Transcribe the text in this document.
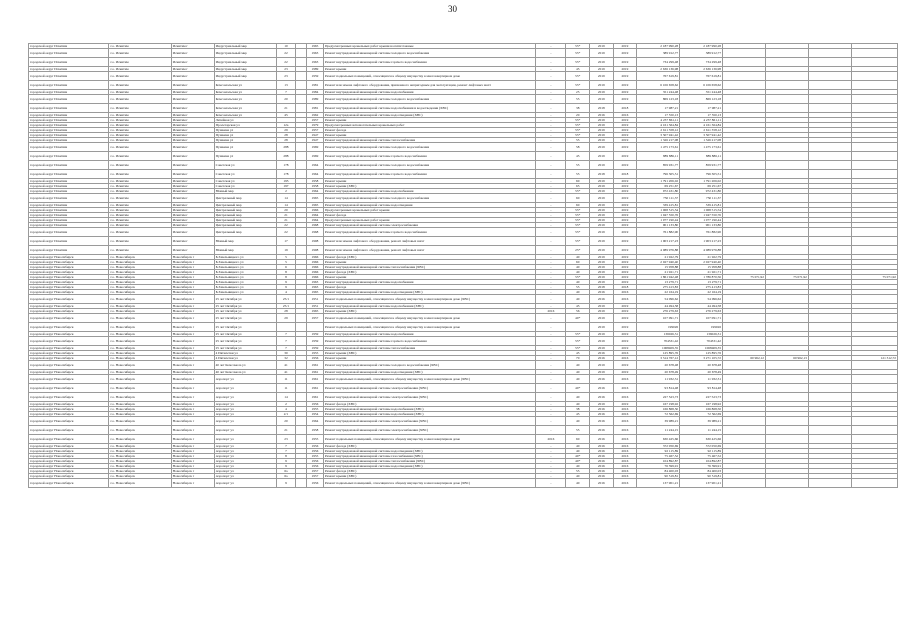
30
городской округ Искитим	г.о. Искитим	Искитим г	Индустриальный мкр	10		1965	Предусмотренных кровельных работ крыши на пятиэтажные	-	55*	2019	2019	2 187 990,28	2 187 990,28				
городской округ Искитим	г.о. Искитим	Искитим г	Индустриальный мкр	22		1963	Ремонт внутридомовой инженерной системы холодного водоснабжения	-	55*	2019	2019	389 912,77	389 912,77				
городской округ Искитим	г.о. Искитим	Искитим г	Индустриальный мкр	22		1963	Ремонт внутридомовой инженерной системы горячего водоснабжения	-	55*	2019	2019	734 299,48	734 299,48				
городской округ Искитим	г.о. Искитим	Искитим г	Индустриальный мкр	23		1989	Ремонт крыши	-	45	2019	2019	2 636 136,98	2 636 136,98				
городской округ Искитим	г.о. Искитим	Искитим г	Индустриальный мкр	23		1959	Ремонт подвальных помещений, относящихся к общему имуществу в многоквартирном доме	-	55*	2019	2019	767 619,81	767 619,81				
городской округ Искитим	г.о. Искитим	Искитим г	Комсомольская ул	13		1981	Ремонт или замена лифтового оборудования, признанного непригодным для эксплуатации, ремонт лифтовых шахт	-	55*	2019	2019	6 106 658,62	6 106 658,62				
городской округ Искитим	г.о. Искитим	Искитим г	Комсомольская ул	7		1984	Ремонт внутридомовой инженерной системы водоснабжения	-	25	2019	2019	351 244,48	351 244,48				
городской округ Искитим	г.о. Искитим	Искитим г	Комсомольская ул	20		1989	Ремонт внутридомовой инженерной системы холодного водоснабжения	-	55	2019	2019	869 123,18	869 123,18				
городской округ Искитим	г.о. Искитим	Искитим г	Комсомольская ул	21		1981	Ремонт внутридомовой инженерной системы водоснабжения и водоотведения (ХВС)	-	38	2018	2018	17 987,21	17 987,21				
городской округ Искитим	г.о. Искитим	Искитим г	Комсомольская ул	45		1962	Ремонт внутридомовой инженерной системы водоотведения (ХВС)	-	20	2016	2016	17 550,13	17 550,13				
городской округ Искитим	г.о. Искитим	Искитим г	Литейная ул			1957	Ремонт крыши	-	55*	2019	2019	4 237 861,11	4 237 861,11				
городской округ Искитим	г.о. Искитим	Искитим г	Пролетарская ул	12а		1979	Предусмотренных вспомогательных кровельных работ	-	55*	2019	2019	4 161 364,84	4 161 364,84				
городской округ Искитим	г.о. Искитим	Искитим г	Пушкина ул	29		1957	Ремонт фасада	-	55*	2019	2019	2 611 358,12	2 611 358,12				
городской округ Искитим	г.о. Искитим	Искитим г	Пушкина ул	28		1947	Ремонт крыши	-	55*	2019	2019	3 507 941,42	3 507 941,42				
городской округ Искитим	г.о. Искитим	Искитим г	Пушкина ул	28		1947	Ремонт внутридомовой инженерной системы теплоснабжения	-	55	2019	2019	1 326 217,08	1 326 217,08				
городской округ Искитим	г.о. Искитим	Искитим г	Пушкина ул	288		1969	Ремонт внутридомовой инженерной системы холодного водоснабжения	-	58	2019	2019	1 475 173,61	1 475 173,61				
городской округ Искитим	г.о. Искитим	Искитим г	Пушкина ул	288		1969	Ремонт внутридомовой инженерной системы горячего водоснабжения	-	45	2019	2019	889 886,11	889 886,11				
городской округ Искитим	г.о. Искитим	Искитим г	Советская ул	178		1964	Ремонт внутридомовой инженерной системы холодного водоснабжения	-	55	2019	2019	859 931,77	859 931,77				
городской округ Искитим	г.о. Искитим	Искитим г	Советская ул	178		1964	Ремонт внутридомовой инженерной системы горячего водоснабжения	-	55	2018	2018	796 305,51	796 305,51				
городской округ Искитим	г.о. Искитим	Искитим г	Советская ул	195		1958	Ремонт крыши	-	60	2019	2019	1 791 206,02	1 791 206,02				
городской округ Искитим	г.о. Искитим	Искитим г	Советская ул	197		1958	Ремонт крыши (ХВС)	-	65	2019	2019	69 251,67	69 251,67				
городской округ Искитим	г.о. Искитим	Искитим г	Южный мкр	2		1964	Ремонт внутридомовой инженерной системы водоснабжения	-	55*	2019	2019	972 431,80	972 431,80				
городской округ Искитим	г.о. Искитим	Искитим г	Центральный мкр	14		1965	Ремонт внутридомовой инженерной системы холодного водоснабжения	-	60	2019	2019	750 111,37	750 111,37				
городской округ Искитим	г.о. Искитим	Искитим г	Центральный мкр	14		1965	Ремонт внутридомовой инженерной системы водоотведения	-	60	2019	2019	339 415,81	339 415,81				
городской округ Искитим	г.о. Искитим	Искитим г	Центральный мкр	20		1966	Предусмотренных кровельных работ крыши	-	55*	2019	2019	1 068 515,54	1 068 515,54				
городской округ Искитим	г.о. Искитим	Искитим г	Центральный мкр	21		1964	Ремонт фасада	-	55*	2019	2019	1 947 550,76	1 947 550,76				
городской округ Искитим	г.о. Искитим	Искитим г	Центральный мкр	21		1964	Предусмотренных кровельных работ крыши	-	55*	2019	2019	1 077 190,44	1 077 190,44				
городской округ Искитим	г.о. Искитим	Искитим г	Центральный мкр	22		1968	Ремонт внутридомовой инженерной системы электроснабжения	-	55*	2019	2019	901 133,80	901 133,80				
городской округ Искитим	г.о. Искитим	Искитим г	Центральный мкр	22		1968	Ремонт внутридомовой инженерной системы горячего водоснабжения	-	55*	2019	2019	761 882,90	761 882,90				
городской округ Искитим	г.о. Искитим	Искитим г	Южный мкр	17		1998	Ремонт или замена лифтового оборудования, ремонт лифтовых шахт	-	55*	2019	2019	1 903 217,23	1 903 217,23				
городской округ Искитим	г.о. Искитим	Искитим г	Южный мкр	19		1998	Ремонт или замена лифтового оборудования, ремонт лифтовых шахт	-	25*	2019	2019	4 089 976,88	4 089 976,88				
городской округ Новосибирск	г.о. Новосибирск	Новосибирск г	Б.Хмельницкого ул	5		1966	Ремонт фасада (ХВС)	-	40	2019	2019	21 922,79	21 922,79				
городской округ Новосибирск	г.о. Новосибирск	Новосибирск г	Б.Хмельницкого ул	5		1966	Ремонт крыши	-	60	2019	2019	2 027 940,40	2 027 940,40				
городской округ Новосибирск	г.о. Новосибирск	Новосибирск г	Б.Хмельницкого ул	6		1966	Ремонт внутридомовой инженерной системы теплоснабжения (ХВС)	-	40	2019	2019	15 958,88	15 958,88				
городской округ Новосибирск	г.о. Новосибирск	Новосибирск г	Б.Хмельницкого ул	8		1966	Ремонт фасада (ХВС)	-	40	2019	2019	21 921,71	21 921,71				
городской округ Новосибирск	г.о. Новосибирск	Новосибирск г	Б.Хмельницкого ул	8		1966	Ремонт крыши	-	55*	2019	2019	1 861 942,48	1 786 870,56	75 071,92	75 071,92		75 071,92
городской округ Новосибирск	г.о. Новосибирск	Новосибирск г	Б.Хмельницкого ул	9		1963	Ремонт внутридомовой инженерной системы водоснабжения	-	40	2019	2019	13 279,71	13 279,71				
городской округ Новосибирск	г.о. Новосибирск	Новосибирск г	Б.Хмельницкого ул	9		1963	Ремонт фасада	-	55	2018	2018	275 413,83	275 413,83				
городской округ Новосибирск	г.о. Новосибирск	Новосибирск г	Б.Хмельницкого ул	4		1965	Ремонт внутридомовой инженерной системы водоотведения (ХВС)	-	40	2016	2016	22 164,19	22 164,19				
городской округ Новосибирск	г.о. Новосибирск	Новосибирск г	25 лет Октября ул	25/1		1951	Ремонт подвальных помещений, относящихся к общему имуществу в многоквартирном доме (ХВС)	-	40	2016	2016	54 096,62	54 096,62				
городской округ Новосибирск	г.о. Новосибирск	Новосибирск г	25 лет Октября ул	25/1		1951	Ремонт внутридомовой инженерной системы водоснабжения (ХВС)	-	45	2019	2019	44 494,58	44 494,58				
городской округ Новосибирск	г.о. Новосибирск	Новосибирск г	25 лет Октября ул	28		1965	Ремонт крыши (ХВС)	2016	56	2019	2019	276 279,63	276 279,63				
городской округ Новосибирск	г.о. Новосибирск	Новосибирск г	25 лет Октября ул	29		1957	Ремонт подвальных помещений, относящихся к общему имуществу в многоквартирном доме	-	40*	2019	2019	107 091,71	107 091,71				
городской округ Новосибирск	г.о. Новосибирск	Новосибирск г	25 лет Октября ул				Ремонт подвальных помещений, относящихся к общему имуществу в многоквартирном доме	-		2019	2019	199026	199026				
городской округ Новосибирск	г.о. Новосибирск	Новосибирск г	25 лет Октября ул	7		1959	Ремонт внутридомовой инженерной системы водоснабжения	-	55*	2019	2019	136026,31	136026,31				
городской округ Новосибирск	г.о. Новосибирск	Новосибирск г	25 лет Октября ул	7		1959	Ремонт внутридомовой инженерной системы горячего водоснабжения	-	55*	2019	2019	704331,42	704331,42				
городской округ Новосибирск	г.о. Новосибирск	Новосибирск г	25 лет Октября ул	7		1959	Ремонт внутридомовой инженерной системы теплоснабжения	-	55*	2019	2019	1068409,35	1068409,35				
городской округ Новосибирск	г.о. Новосибирск	Новосибирск г	4 Пятилетки ул	30		1955	Ремонт крыши (ХВС)	-	45	2016	2016	125 895,76	125 895,76				
городской округ Новосибирск	г.о. Новосибирск	Новосибирск г	4 Пятилетки ул	32		1956	Ремонт крыши	-	70	2016	2016	3 514 767,12	3 271 105,72	60 962,12	60 962,13		121 312,72
городской округ Новосибирск	г.о. Новосибирск	Новосибирск г	40 лет Комсомола ул	41		1961	Ремонт внутридомовой инженерной системы холодного водоснабжения (ХВС)	-	40	2019	2019	20 678,48	20 678,48				
городской округ Новосибирск	г.о. Новосибирск	Новосибирск г	40 лет Комсомола ул	41		1961	Ремонт внутридомовой инженерной системы водоотведения (ХВС)	-	40	2019	2019	20 678,49	20 678,49				
городской округ Новосибирск	г.о. Новосибирск	Новосибирск г	Аэропорт ул	11		1961	Ремонт подвальных помещений, относящихся к общему имуществу в многоквартирном доме (ХВС)	-	40	2016	2016	11 932,31	11 932,31				
городской округ Новосибирск	г.о. Новосибирск	Новосибирск г	Аэропорт ул	11		1961	Ремонт внутридомовой инженерной системы электроснабжения (ХВС)	-	40*	2016	2016	93 814,48	93 814,48				
городской округ Новосибирск	г.о. Новосибирск	Новосибирск г	Аэропорт ул	14		1961	Ремонт внутридомовой инженерной системы электроснабжения (ХВС)	-	40	2016	2016	227 523,73	227 523,73				
городской округ Новосибирск	г.о. Новосибирск	Новосибирск г	Аэропорт ул	2		1956	Ремонт фасада (ХВС)	-	40	2019	2019	167 198,92	167 198,92				
городской округ Новосибирск	г.о. Новосибирск	Новосибирск г	Аэропорт ул	4		1955	Ремонт внутридомовой инженерной системы водоснабжения (ХВС)	-	38	2016	2016	166 868,50	166 868,50				
городской округ Новосибирск	г.о. Новосибирск	Новосибирск г	Аэропорт ул	2/1		1954	Ремонт внутридомовой инженерной системы водоснабжения (ХВС)	-	45	2016	2016	72 562,69	72 562,69				
городской округ Новосибирск	г.о. Новосибирск	Новосибирск г	Аэропорт ул	20		1964	Ремонт внутридомовой инженерной системы электроснабжения (ХВС)	-	40	2016	2016	39 989,21	39 989,21				
городской округ Новосибирск	г.о. Новосибирск	Новосибирск г	Аэропорт ул	21		1958	Ремонт внутридомовой инженерной системы электроснабжения (ХВС)	-	55	2016	2016	11 244,15	11 244,15				
городской округ Новосибирск	г.о. Новосибирск	Новосибирск г	Аэропорт ул	23		1955	Ремонт подвальных помещений, относящихся к общему имуществу в многоквартирном доме	2016	60	2016	2016	630 425,66	630 425,66				
городской округ Новосибирск	г.о. Новосибирск	Новосибирск г	Аэропорт ул	7		1956	Ремонт фасада (ХВС)	-	40	2016	2016	372 050,69	372 050,69				
городской округ Новосибирск	г.о. Новосибирск	Новосибирск г	Аэропорт ул	7		1956	Ремонт внутридомовой инженерной системы водоотведения (ХВС)	-	40	2016	2016	92 115,89	92 115,89				
городской округ Новосибирск	г.о. Новосибирск	Новосибирск г	Аэропорт ул	8		1955	Ремонт внутридомовой инженерной системы газоснабжения (ХВС)	-	40*	2016	2016	75 467,52	75 467,52				
городской округ Новосибирск	г.о. Новосибирск	Новосибирск г	Аэропорт ул	9		1956	Ремонт внутридомовой инженерной системы теплоснабжения (ХВС)	-	40*	2016	2016	104 892,87	104 892,87				
городской округ Новосибирск	г.о. Новосибирск	Новосибирск г	Аэропорт ул	9		1956	Ремонт внутридомовой инженерной системы водоотведения (ХВС)	-	40	2016	2016	76 399,91	76 399,91				
городской округ Новосибирск	г.о. Новосибирск	Новосибирск г	Аэропорт ул	6а		1957	Ремонт фасада (ХВС)	-	55	2016	2016	84 400,03	84 400,03				
городской округ Новосибирск	г.о. Новосибирск	Новосибирск г	Аэропорт ул	6а		1957	Ремонт крыши (ХВС)	-	40	2016	2016	90 519,81	90 519,81				
городской округ Новосибирск	г.о. Новосибирск	Новосибирск г	Аэропорт ул	9		1956	Ремонт подвальных помещений, относящихся к общему имуществу в многоквартирном доме (ХВС)	-	40	2016	2016	137 901,21	137 901,21				
